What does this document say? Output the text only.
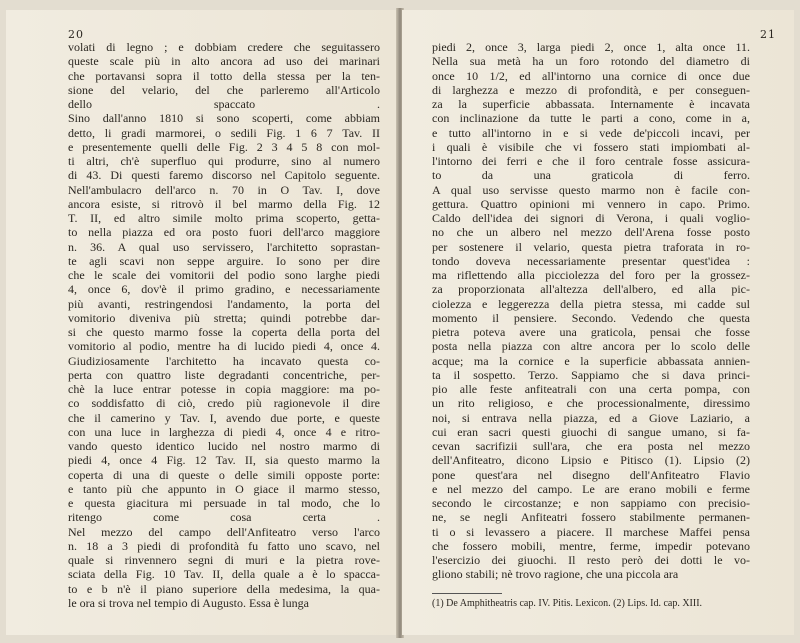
20
volati di legno ; e dobbiam credere che seguitassero
queste scale più in alto ancora ad uso dei marinari
che portavansi sopra il totto della stessa per la ten-
sione del velario, del che parleremo all'Articolo
dello spaccato .
Sino dall'anno 1810 si sono scoperti, come abbiam
detto, li gradi marmorei, o sedili Fig. 1 6 7 Tav. II
e presentemente quelli delle Fig. 2 3 4 5 8 con mol-
ti altri, ch'è superfluo qui produrre, sino al numero
di 43. Di questi faremo discorso nel Capitolo seguente.
Nell'ambulacro dell'arco n. 70 in O Tav. I, dove
ancora esiste, si ritrovò il bel marmo della Fig. 12
T. II, ed altro simile molto prima scoperto, getta-
to nella piazza ed ora posto fuori dell'arco maggiore
n. 36. A qual uso servissero, l'architetto soprastan-
te agli scavi non seppe arguire. Io sono per dire
che le scale dei vomitorii del podio sono larghe piedi
4, once 6, dov'è il primo gradino, e necessariamente
più avanti, restringendosi l'andamento, la porta del
vomitorio diveniva più stretta; quindi potrebbe dar-
si che questo marmo fosse la coperta della porta del
vomitorio al podio, mentre ha di lucido piedi 4, once 4.
Giudiziosamente l'architetto ha incavato questa co-
perta con quattro liste degradanti concentriche, per-
chè la luce entrar potesse in copia maggiore: ma po-
co soddisfatto di ciò, credo più ragionevole il dire
che il camerino y Tav. I, avendo due porte, e queste
con una luce in larghezza di piedi 4, once 4 e ritro-
vando questo identico lucido nel nostro marmo di
piedi 4, once 4 Fig. 12 Tav. II, sia questo marmo la
coperta di una di queste o delle simili opposte porte:
e tanto più che appunto in O giace il marmo stesso,
e questa giacitura mi persuade in tal modo, che lo
ritengo come cosa certa .
Nel mezzo del campo dell'Anfiteatro verso l'arco
n. 18 a 3 piedi di profondità fu fatto uno scavo, nel
quale si rinvennero segni di muri e la pietra rove-
sciata della Fig. 10 Tav. II, della quale a è lo spacca-
to e b n'è il piano superiore della medesima, la qua-
le ora si trova nel tempio di Augusto. Essa è lunga
21
piedi 2, once 3, larga piedi 2, once 1, alta once 11.
Nella sua metà ha un foro rotondo del diametro di
once 10 1/2, ed all'intorno una cornice di once due
di larghezza e mezzo di profondità, e per conseguen-
za la superficie abbassata. Internamente è incavata
con inclinazione da tutte le parti a cono, come in a,
e tutto all'intorno in e si vede de'piccoli incavi, per
i quali è visibile che vi fossero stati impiombati al-
l'intorno dei ferri e che il foro centrale fosse assicura-
to da una graticola di ferro.
A qual uso servisse questo marmo non è facile con-
gettura. Quattro opinioni mi vennero in capo. Primo.
Caldo dell'idea dei signori di Verona, i quali voglio-
no che un albero nel mezzo dell'Arena fosse posto
per sostenere il velario, questa pietra traforata in ro-
tondo doveva necessariamente presentar quest'idea :
ma riflettendo alla picciolezza del foro per la grossez-
za proporzionata all'altezza dell'albero, ed alla pic-
ciolezza e leggerezza della pietra stessa, mi cadde sul
momento il pensiere. Secondo. Vedendo che questa
pietra poteva avere una graticola, pensai che fosse
posta nella piazza con altre ancora per lo scolo delle
acque; ma la cornice e la superficie abbassata annien-
ta il sospetto. Terzo. Sappiamo che si dava princi-
pio alle feste anfiteatrali con una certa pompa, con
un rito religioso, e che processionalmente, diressimo
noi, si entrava nella piazza, ed a Giove Laziario, a
cui eran sacri questi giuochi di sangue umano, si fa-
cevan sacrifizii sull'ara, che era posta nel mezzo
dell'Anfiteatro, dicono Lipsio e Pitisco (1). Lipsio (2)
pone quest'ara nel disegno dell'Anfiteatro Flavio
e nel mezzo del campo. Le are erano mobili e ferme
secondo le circostanze; e non sappiamo con precisio-
ne, se negli Anfiteatri fossero stabilmente permanen-
ti o si levassero a piacere. Il marchese Maffei pensa
che fossero mobili, mentre, ferme, impedir potevano
l'esercizio dei giuochi. Il resto però dei dotti le vo-
gliono stabili; nè trovo ragione, che una piccola ara
(1) De Amphitheatris cap. IV. Pitis. Lexicon. (2) Lips. Id. cap. XIII.
